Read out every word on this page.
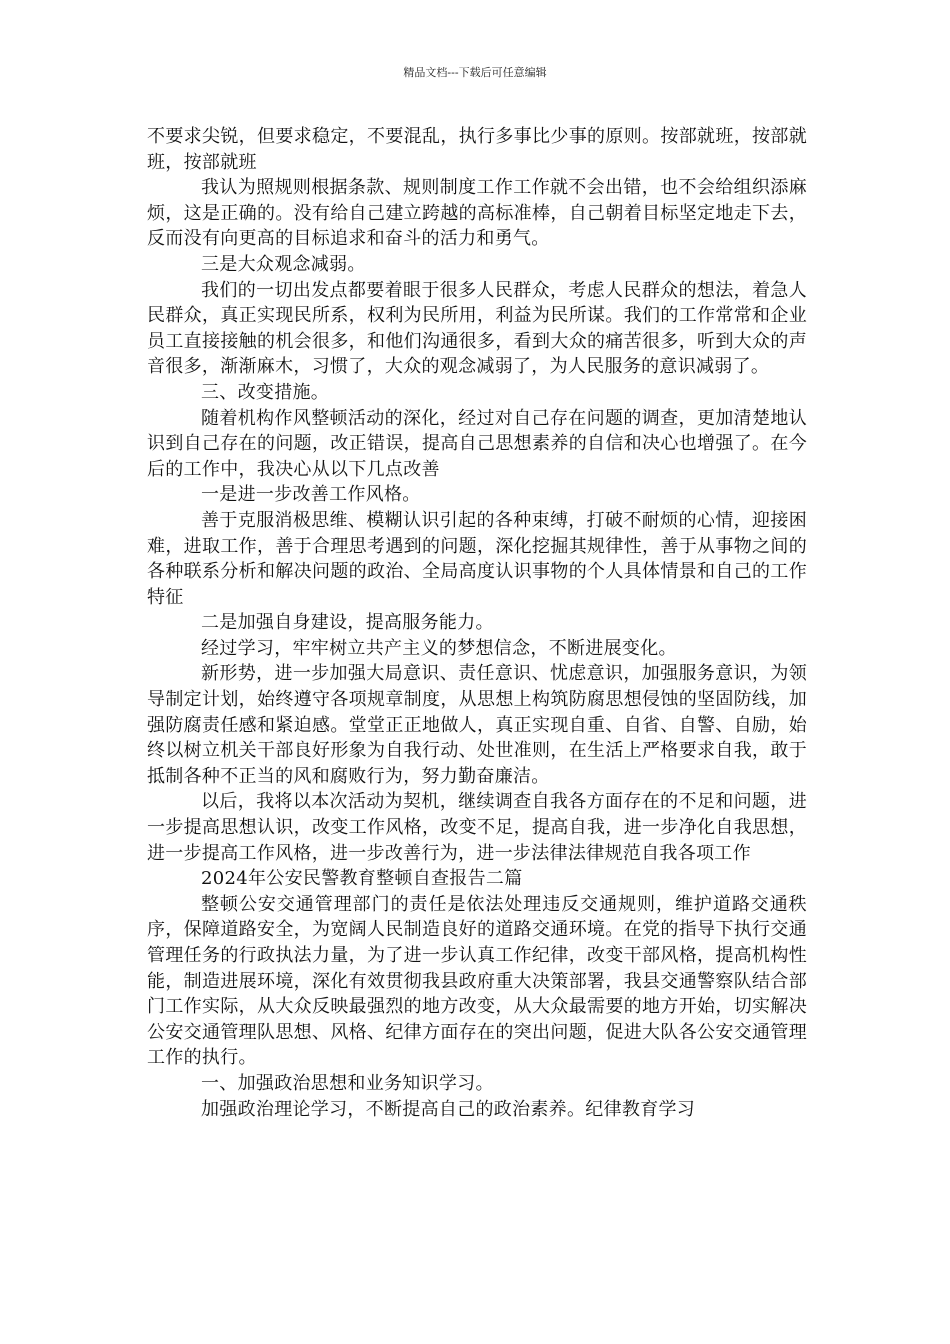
精品文档---下载后可任意编辑

不要求尖锐，但要求稳定，不要混乱，执行多事比少事的原则。按部就班，按部就班，按部就班

我认为照规则根据条款、规则制度工作工作就不会出错，也不会给组织添麻烦，这是正确的。没有给自己建立跨越的高标准棒，自己朝着目标坚定地走下去，反而没有向更高的目标追求和奋斗的活力和勇气。

三是大众观念减弱。

我们的一切出发点都要着眼于很多人民群众，考虑人民群众的想法，着急人民群众，真正实现民所系，权利为民所用，利益为民所谋。我们的工作常常和企业员工直接接触的机会很多，和他们沟通很多，看到大众的痛苦很多，听到大众的声音很多，渐渐麻木，习惯了，大众的观念减弱了，为人民服务的意识减弱了。

三、改变措施。

随着机构作风整顿活动的深化，经过对自己存在问题的调查，更加清楚地认识到自己存在的问题，改正错误，提高自己思想素养的自信和决心也增强了。在今后的工作中，我决心从以下几点改善

一是进一步改善工作风格。

善于克服消极思维、模糊认识引起的各种束缚，打破不耐烦的心情，迎接困难，进取工作，善于合理思考遇到的问题，深化挖掘其规律性，善于从事物之间的各种联系分析和解决问题的政治、全局高度认识事物的个人具体情景和自己的工作特征

二是加强自身建设，提高服务能力。

经过学习，牢牢树立共产主义的梦想信念，不断进展变化。

新形势，进一步加强大局意识、责任意识、忧虑意识，加强服务意识，为领导制定计划，始终遵守各项规章制度，从思想上构筑防腐思想侵蚀的坚固防线，加强防腐责任感和紧迫感。堂堂正正地做人，真正实现自重、自省、自警、自励，始终以树立机关干部良好形象为自我行动、处世准则，在生活上严格要求自我，敢于抵制各种不正当的风和腐败行为，努力勤奋廉洁。

以后，我将以本次活动为契机，继续调查自我各方面存在的不足和问题，进一步提高思想认识，改变工作风格，改变不足，提高自我，进一步净化自我思想，进一步提高工作风格，进一步改善行为，进一步法律法律规范自我各项工作

2024年公安民警教育整顿自查报告二篇

整顿公安交通管理部门的责任是依法处理违反交通规则，维护道路交通秩序，保障道路安全，为宽阔人民制造良好的道路交通环境。在党的指导下执行交通管理任务的行政执法力量，为了进一步认真工作纪律，改变干部风格，提高机构性能，制造进展环境，深化有效贯彻我县政府重大决策部署，我县交通警察队结合部门工作实际，从大众反映最强烈的地方改变，从大众最需要的地方开始，切实解决公安交通管理队思想、风格、纪律方面存在的突出问题，促进大队各公安交通管理工作的执行。

一、加强政治思想和业务知识学习。

加强政治理论学习，不断提高自己的政治素养。纪律教育学习
